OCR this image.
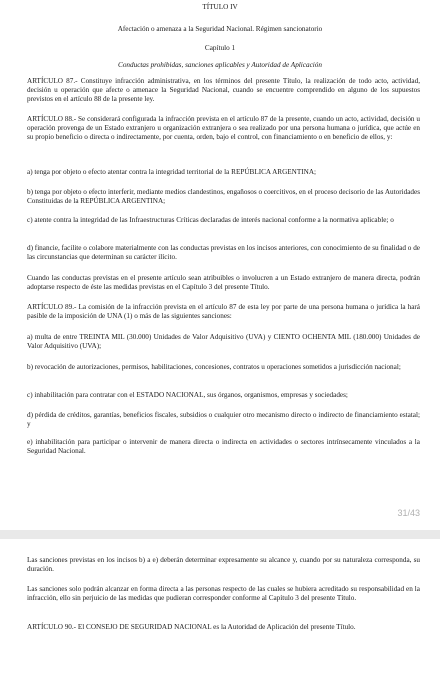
TÍTULO IV

Afectación o amenaza a la Seguridad Nacional. Régimen sancionatorio

Capítulo 1

Conductas prohibidas, sanciones aplicables y Autoridad de Aplicación

ARTÍCULO 87.- Constituye infracción administrativa, en los términos del presente Título, la realización de todo acto, actividad, decisión u operación que afecte o amenace la Seguridad Nacional, cuando se encuentre comprendido en alguno de los supuestos previstos en el artículo 88 de la presente ley.

ARTÍCULO 88.- Se considerará configurada la infracción prevista en el artículo 87 de la presente, cuando un acto, actividad, decisión u operación provenga de un Estado extranjero u organización extranjera o sea realizado por una persona humana o jurídica, que actúe en su propio beneficio o directa o indirectamente, por cuenta, orden, bajo el control, con financiamiento o en beneficio de ellos, y:

a) tenga por objeto o efecto atentar contra la integridad territorial de la REPÚBLICA ARGENTINA;

b) tenga por objeto o efecto interferir, mediante medios clandestinos, engañosos o coercitivos, en el proceso decisorio de las Autoridades Constituidas de la REPÚBLICA ARGENTINA;

c) atente contra la integridad de las Infraestructuras Críticas declaradas de interés nacional conforme a la normativa aplicable; o

d) financie, facilite o colabore materialmente con las conductas previstas en los incisos anteriores, con conocimiento de su finalidad o de las circunstancias que determinan su carácter ilícito.

Cuando las conductas previstas en el presente artículo sean atribuibles o involucren a un Estado extranjero de manera directa, podrán adoptarse respecto de éste las medidas previstas en el Capítulo 3 del presente Título.

ARTÍCULO 89.- La comisión de la infracción prevista en el artículo 87 de esta ley por parte de una persona humana o jurídica la hará pasible de la imposición de UNA (1) o más de las siguientes sanciones:

a) multa de entre TREINTA MIL (30.000) Unidades de Valor Adquisitivo (UVA) y CIENTO OCHENTA MIL (180.000) Unidades de Valor Adquisitivo (UVA);

b) revocación de autorizaciones, permisos, habilitaciones, concesiones, contratos u operaciones sometidos a jurisdicción nacional;

c) inhabilitación para contratar con el ESTADO NACIONAL, sus órganos, organismos, empresas y sociedades;

d) pérdida de créditos, garantías, beneficios fiscales, subsidios o cualquier otro mecanismo directo o indirecto de financiamiento estatal; y

e) inhabilitación para participar o intervenir de manera directa o indirecta en actividades o sectores intrínsecamente vinculados a la Seguridad Nacional.

31/43

Las sanciones previstas en los incisos b) a e) deberán determinar expresamente su alcance y, cuando por su naturaleza corresponda, su duración.

Las sanciones solo podrán alcanzar en forma directa a las personas respecto de las cuales se hubiera acreditado su responsabilidad en la infracción, ello sin perjuicio de las medidas que pudieran corresponder conforme al Capítulo 3 del presente Título.

ARTÍCULO 90.- El CONSEJO DE SEGURIDAD NACIONAL es la Autoridad de Aplicación del presente Título.
